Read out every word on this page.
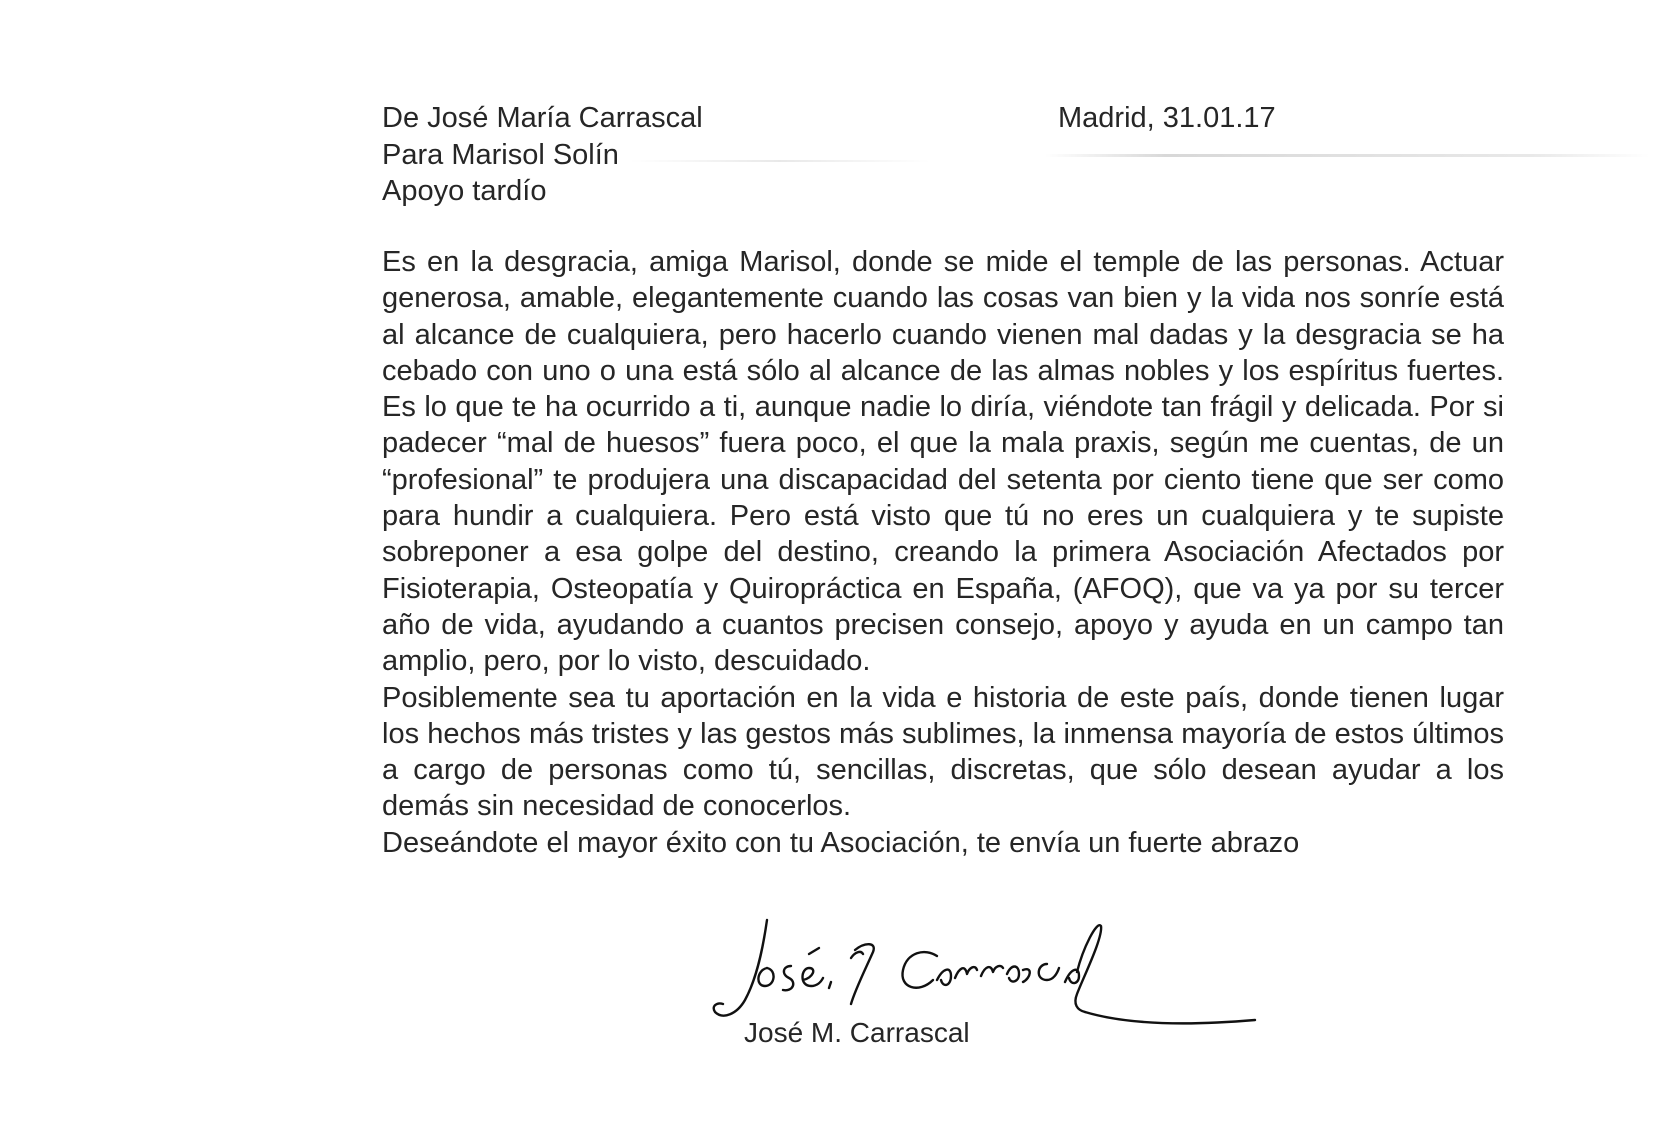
De José María Carrascal	Madrid, 31.01.17
Para Marisol Solín
Apoyo tardío

Es en la desgracia, amiga Marisol, donde se mide el temple de las personas. Actuar generosa, amable, elegantemente cuando las cosas van bien y la vida nos sonríe está al alcance de cualquiera, pero hacerlo cuando vienen mal dadas y la desgracia se ha cebado con uno o una está sólo al alcance de las almas nobles y los espíritus fuertes. Es lo que te ha ocurrido a ti, aunque nadie lo diría, viéndote tan frágil y delicada. Por si padecer “mal de huesos” fuera poco, el que la mala praxis, según me cuentas, de un “profesional” te produjera una discapacidad del setenta por ciento tiene que ser como para hundir a cualquiera. Pero está visto que tú no eres un cualquiera y te supiste sobreponer a esa golpe del destino, creando la primera Asociación Afectados por Fisioterapia, Osteopatía y Quiropráctica en España, (AFOQ), que va ya por su tercer año de vida, ayudando a cuantos precisen consejo, apoyo y ayuda en un campo tan amplio, pero, por lo visto, descuidado.

Posiblemente sea tu aportación en la vida e historia de este país, donde tienen lugar los hechos más tristes y las gestos más sublimes, la inmensa mayoría de estos últimos a cargo de personas como tú, sencillas, discretas, que sólo desean ayudar a los demás sin necesidad de conocerlos.

Deseándote el mayor éxito con tu Asociación, te envía un fuerte abrazo

José M. Carrascal
